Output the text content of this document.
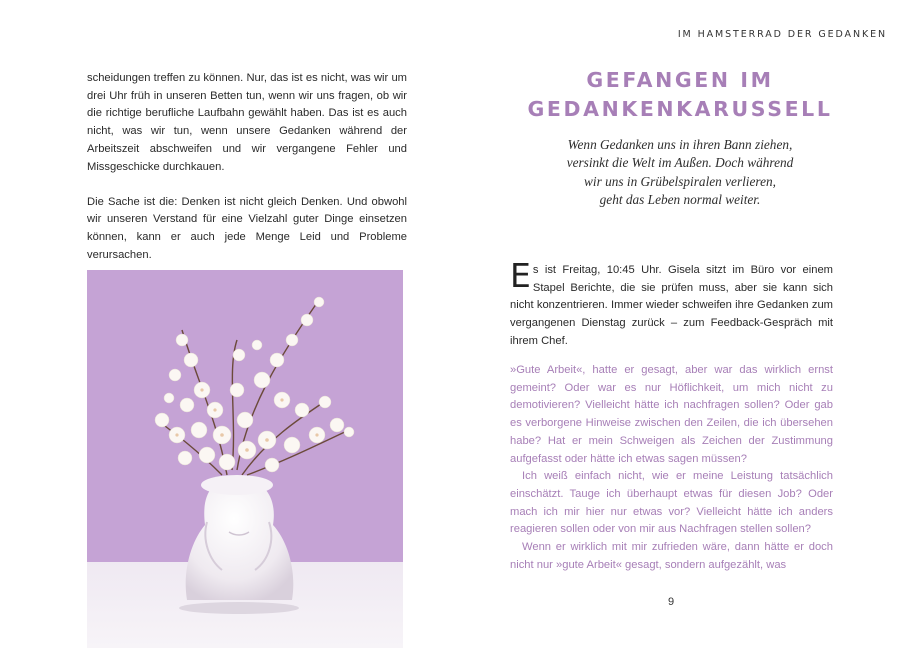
IM HAMSTERRAD DER GEDANKEN

scheidungen treffen zu können. Nur, das ist es nicht, was wir um drei Uhr früh in unseren Betten tun, wenn wir uns fragen, ob wir die richtige berufliche Laufbahn gewählt haben. Das ist es auch nicht, was wir tun, wenn unsere Gedanken während der Arbeitszeit abschweifen und wir vergangene Fehler und Missgeschicke durchkauen.

Die Sache ist die: Denken ist nicht gleich Denken. Und obwohl wir unseren Verstand für eine Vielzahl guter Dinge einsetzen können, kann er auch jede Menge Leid und Probleme verursachen.

GEFANGEN IM
GEDANKENKARUSSELL
Wenn Gedanken uns in ihren Bann ziehen,
versinkt die Welt im Außen. Doch während
wir uns in Grübelspiralen verlieren,
geht das Leben normal weiter.
E s ist Freitag, 10:45 Uhr. Gisela sitzt im Büro vor einem Stapel Berichte, die sie prüfen muss, aber sie kann sich nicht konzentrieren. Immer wieder schweifen ihre Gedanken zum vergangenen Dienstag zurück – zum Feedback-Gespräch mit ihrem Chef.

»Gute Arbeit«, hatte er gesagt, aber war das wirklich ernst gemeint? Oder war es nur Höflichkeit, um mich nicht zu demotivieren? Vielleicht hätte ich nachfragen sollen? Oder gab es verborgene Hinweise zwischen den Zeilen, die ich übersehen habe? Hat er mein Schweigen als Zeichen der Zustimmung aufgefasst oder hätte ich etwas sagen müssen?

Ich weiß einfach nicht, wie er meine Leistung tatsächlich einschätzt. Tauge ich überhaupt etwas für diesen Job? Oder mach ich mir hier nur etwas vor? Vielleicht hätte ich anders reagieren sollen oder von mir aus Nachfragen stellen sollen?

Wenn er wirklich mit mir zufrieden wäre, dann hätte er doch nicht nur »gute Arbeit« gesagt, sondern aufgezählt, was

9
